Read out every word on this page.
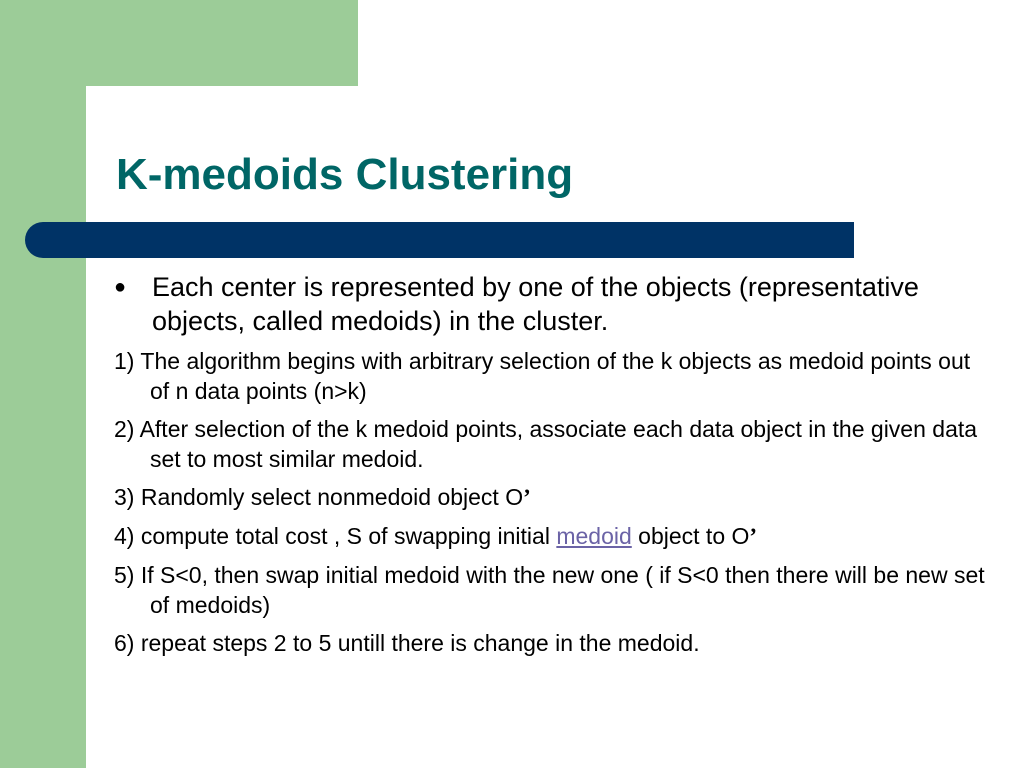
K-medoids Clustering
● Each center is represented by one of the objects (representative objects, called medoids) in the cluster.
1) The algorithm begins with arbitrary selection of the k objects as medoid points out of n data points (n>k)
2) After selection of the k medoid points, associate each data object in the given data set to most similar medoid.
3) Randomly select nonmedoid object O’
4) compute total cost , S of swapping initial medoid object to O’
5) If S<0, then swap initial medoid with the new one ( if S<0 then there will be new set of medoids)
6) repeat steps 2 to 5 untill there is change in the medoid.
